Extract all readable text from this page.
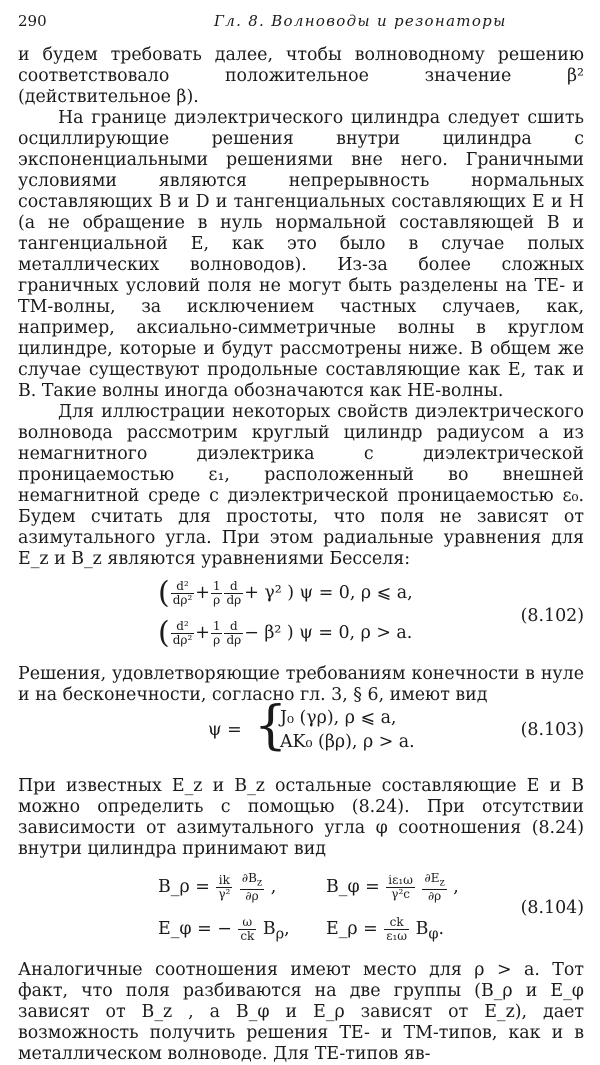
290	Гл. 8. Волноводы и резонаторы

и будем требовать далее, чтобы волноводному решению соответствовало положительное значение β² (действительное β).

На границе диэлектрического цилиндра следует сшить осциллирующие решения внутри цилиндра с экспоненциальными решениями вне него. Граничными условиями являются непрерывность нормальных составляющих B и D и тангенциальных составляющих E и H (а не обращение в нуль нормальной составляющей B и тангенциальной E, как это было в случае полых металлических волноводов). Из-за более сложных граничных условий поля не могут быть разделены на TE- и TM-волны, за исключением частных случаев, как, например, аксиально-симметричные волны в круглом цилиндре, которые и будут рассмотрены ниже. В общем же случае существуют продольные составляющие как E, так и B. Такие волны иногда обозначаются как HE-волны.

Для иллюстрации некоторых свойств диэлектрического волновода рассмотрим круглый цилиндр радиусом a из немагнитного диэлектрика с диэлектрической проницаемостью ε₁, расположенный во внешней немагнитной среде с диэлектрической проницаемостью ε₀. Будем считать для простоты, что поля не зависят от азимутального угла. При этом радиальные уравнения для E_z и B_z являются уравнениями Бесселя:

( $\frac{\text{d²}}{\text{dρ²}} + \frac{1}{\rho} \frac{d}{d\rho} + \gamma^2$ ) ψ = 0, ρ ⩽ a,
( $\frac{\text{d²}}{\text{dρ²}} + \frac{1}{\rho} \frac{d}{d\rho} - \beta^2$ ) ψ = 0, ρ > a.
(8.102)

Решения, удовлетворяющие требованиям конечности в нуле и на бесконечности, согласно гл. 3, § 6, имеют вид

ψ = {
J₀ (γρ), ρ ⩽ a,
AK₀ (βρ), ρ > a.
(8.103)

При известных E_z и B_z остальные составляющие E и B можно определить с помощью (8.24). При отсутствии зависимости от азимутального угла φ соотношения (8.24) внутри цилиндра принимают вид

B_ρ = $\frac{ik}{\text{γ²}}$
$\frac{\partial B_z}{\partial\rho}$ ,	B_φ = $\frac{\text{iε₁ω}}{\text{γ²c}}$
$\frac{\partial E_z}{\partial\rho}$ ,
E_φ = − $\frac{\omega}{ck} B_\rho$, E_ρ = $\frac{ck}{\text{ε₁ω}} B_\varphi$.
(8.104)

Аналогичные соотношения имеют место для ρ > a. Тот факт, что поля разбиваются на две группы (B_ρ и E_φ зависят от B_z , а B_φ и E_ρ зависят от E_z), дает возможность получить решения TE- и TM-типов, как и в металлическом волноводе. Для TE-типов яв-
